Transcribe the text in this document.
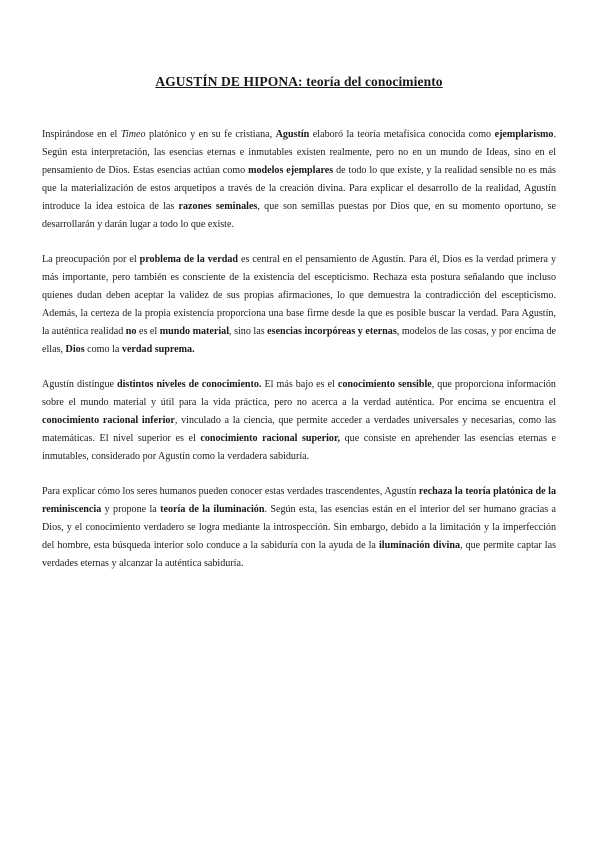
AGUSTÍN DE HIPONA: teoría del conocimiento

Inspirándose en el Timeo platónico y en su fe cristiana, Agustín elaboró la teoría metafísica conocida como ejemplarismo. Según esta interpretación, las esencias eternas e inmutables existen realmente, pero no en un mundo de Ideas, sino en el pensamiento de Dios. Estas esencias actúan como modelos ejemplares de todo lo que existe, y la realidad sensible no es más que la materialización de estos arquetipos a través de la creación divina. Para explicar el desarrollo de la realidad, Agustín introduce la idea estoica de las razones seminales, que son semillas puestas por Dios que, en su momento oportuno, se desarrollarán y darán lugar a todo lo que existe.

La preocupación por el problema de la verdad es central en el pensamiento de Agustín. Para él, Dios es la verdad primera y más importante, pero también es consciente de la existencia del escepticismo. Rechaza esta postura señalando que incluso quienes dudan deben aceptar la validez de sus propias afirmaciones, lo que demuestra la contradicción del escepticismo. Además, la certeza de la propia existencia proporciona una base firme desde la que es posible buscar la verdad. Para Agustín, la auténtica realidad no es el mundo material, sino las esencias incorpóreas y eternas, modelos de las cosas, y por encima de ellas, Dios como la verdad suprema.

Agustín distingue distintos niveles de conocimiento. El más bajo es el conocimiento sensible, que proporciona información sobre el mundo material y útil para la vida práctica, pero no acerca a la verdad auténtica. Por encima se encuentra el conocimiento racional inferior, vinculado a la ciencia, que permite acceder a verdades universales y necesarias, como las matemáticas. El nivel superior es el conocimiento racional superior, que consiste en aprehender las esencias eternas e inmutables, considerado por Agustín como la verdadera sabiduría.

Para explicar cómo los seres humanos pueden conocer estas verdades trascendentes, Agustín rechaza la teoría platónica de la reminiscencia y propone la teoría de la iluminación. Según esta, las esencias están en el interior del ser humano gracias a Dios, y el conocimiento verdadero se logra mediante la introspección. Sin embargo, debido a la limitación y la imperfección del hombre, esta búsqueda interior solo conduce a la sabiduría con la ayuda de la iluminación divina, que permite captar las verdades eternas y alcanzar la auténtica sabiduría.
